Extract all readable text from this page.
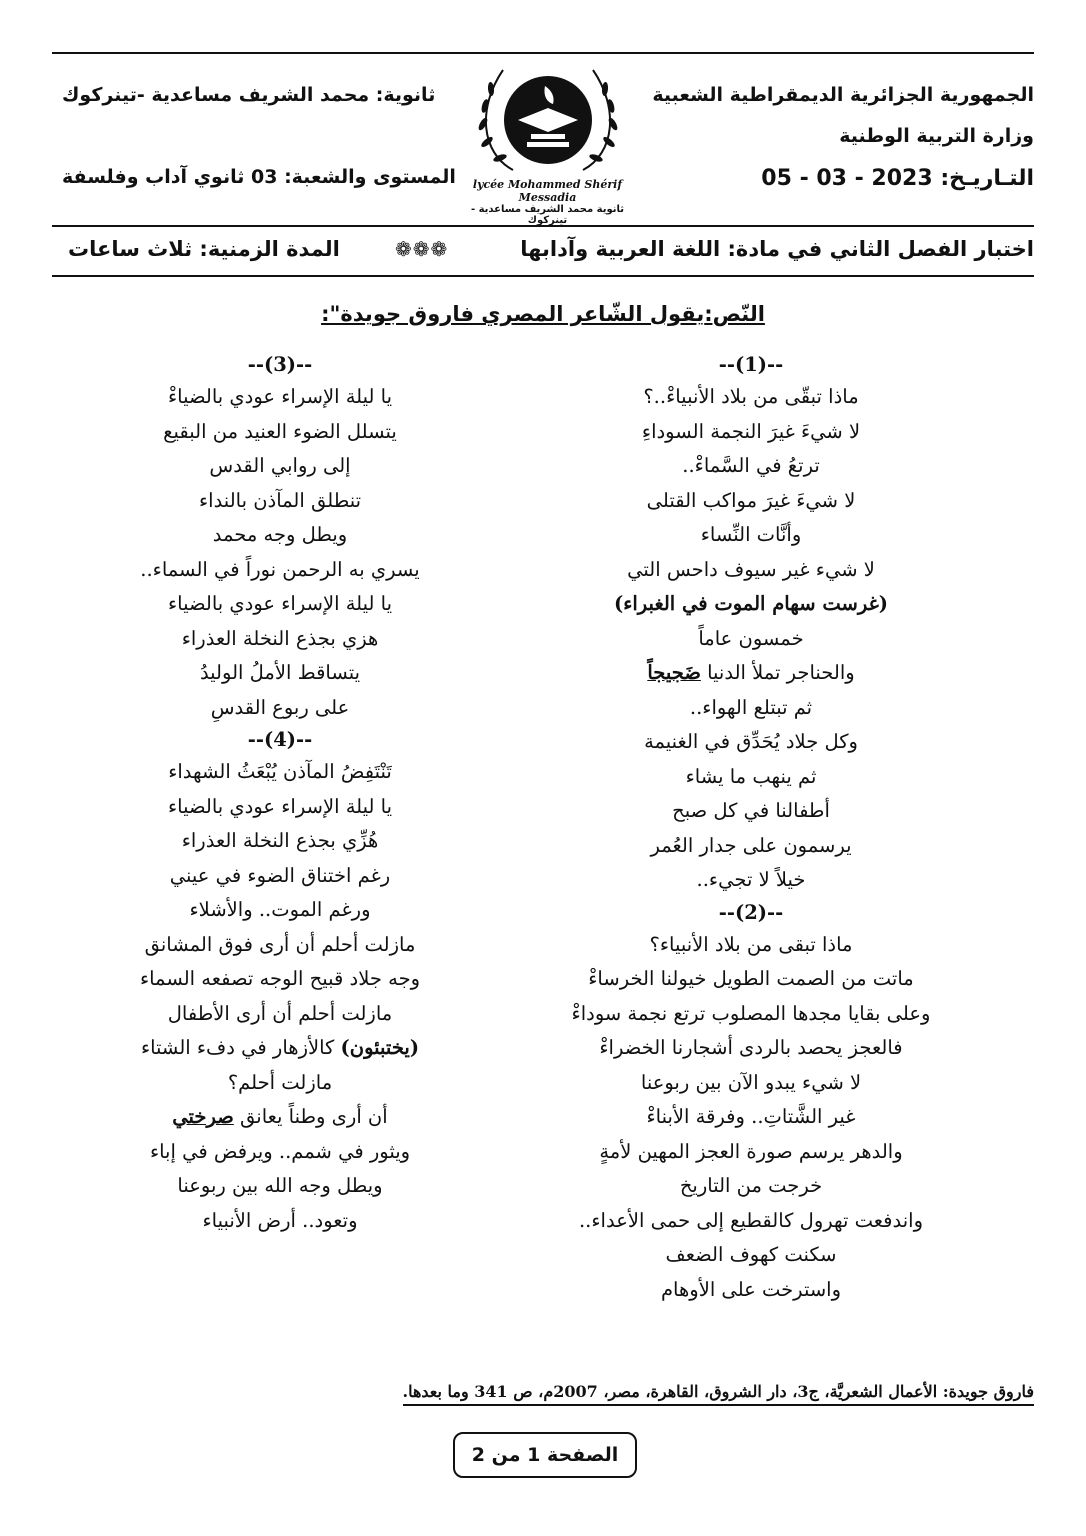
الجمهورية الجزائرية الديمقراطية الشعبية
وزارة التربية الوطنية
التـاريـخ: 05 - 03 - 2023
ثانوية: محمد الشريف مساعدية -تينركوك
المستوى والشعبة: 03 ثانوي آداب وفلسفة	lycée Mohammed Shérif Messadia
ثانوية محمد الشريف مساعدية - تينركوك
اختبار الفصل الثاني في مادة: اللغة العربية وآدابها
❁❁❁
المدة الزمنية: ثلاث ساعات
النّص:يقول الشّاعر المصري فاروق جويدة":
--(1)--
ماذا تبقّى من بلاد الأنبياءْ..؟
لا شيءَ غيرَ النجمة السوداءِ
ترتعُ في السَّماءْ..
لا شيءَ غيرَ مواكب القتلى
وأنَّات النِّساء
لا شيء غير سيوف داحس التي
(غرست سهام الموت في الغبراء)
خمسون عاماً
والحناجر تملأ الدنيا ضَجيجاً
ثم تبتلع الهواء..
وكل جلاد يُحَدِّق في الغنيمة
ثم ينهب ما يشاء
أطفالنا في كل صبح
يرسمون على جدار العُمر
خيلاً لا تجيء..
--(2)--
ماذا تبقى من بلاد الأنبياء؟
ماتت من الصمت الطويل خيولنا الخرساءْ
وعلى بقايا مجدها المصلوب ترتع نجمة سوداءْ
فالعجز يحصد بالردى أشجارنا الخضراءْ
لا شيء يبدو الآن بين ربوعنا
غير الشَّتاتِ.. وفرقة الأبناءْ
والدهر يرسم صورة العجز المهين لأمةٍ
خرجت من التاريخ
واندفعت تهرول كالقطيع إلى حمى الأعداء..
سكنت كهوف الضعف
واسترخت على الأوهام
--(3)--
يا ليلة الإسراء عودي بالضياءْ
يتسلل الضوء العنيد من البقيع
إلى روابي القدس
تنطلق المآذن بالنداء
ويطل وجه محمد
يسري به الرحمن نوراً في السماء..
يا ليلة الإسراء عودي بالضياء
هزي بجذع النخلة العذراء
يتساقط الأملُ الوليدُ
على ربوع القدسِ
--(4)--
تَنْتَفِضُ المآذن يُبْعَثُ الشهداء
يا ليلة الإسراء عودي بالضياء
هُزِّي بجذع النخلة العذراء
رغم اختناق الضوء في عيني
ورغم الموت.. والأشلاء
مازلت أحلم أن أرى فوق المشانق
وجه جلاد قبيح الوجه تصفعه السماء
مازلت أحلم أن أرى الأطفال
(يختبئون) كالأزهار في دفء الشتاء
مازلت أحلم؟
أن أرى وطناً يعانق صرختي
ويثور في شمم.. ويرفض في إباء
ويطل وجه الله بين ربوعنا
وتعود.. أرض الأنبياء
فاروق جويدة: الأعمال الشعريَّة، ج3، دار الشروق، القاهرة، مصر، 2007م، ص 341 وما بعدها.
الصفحة 1 من 2
